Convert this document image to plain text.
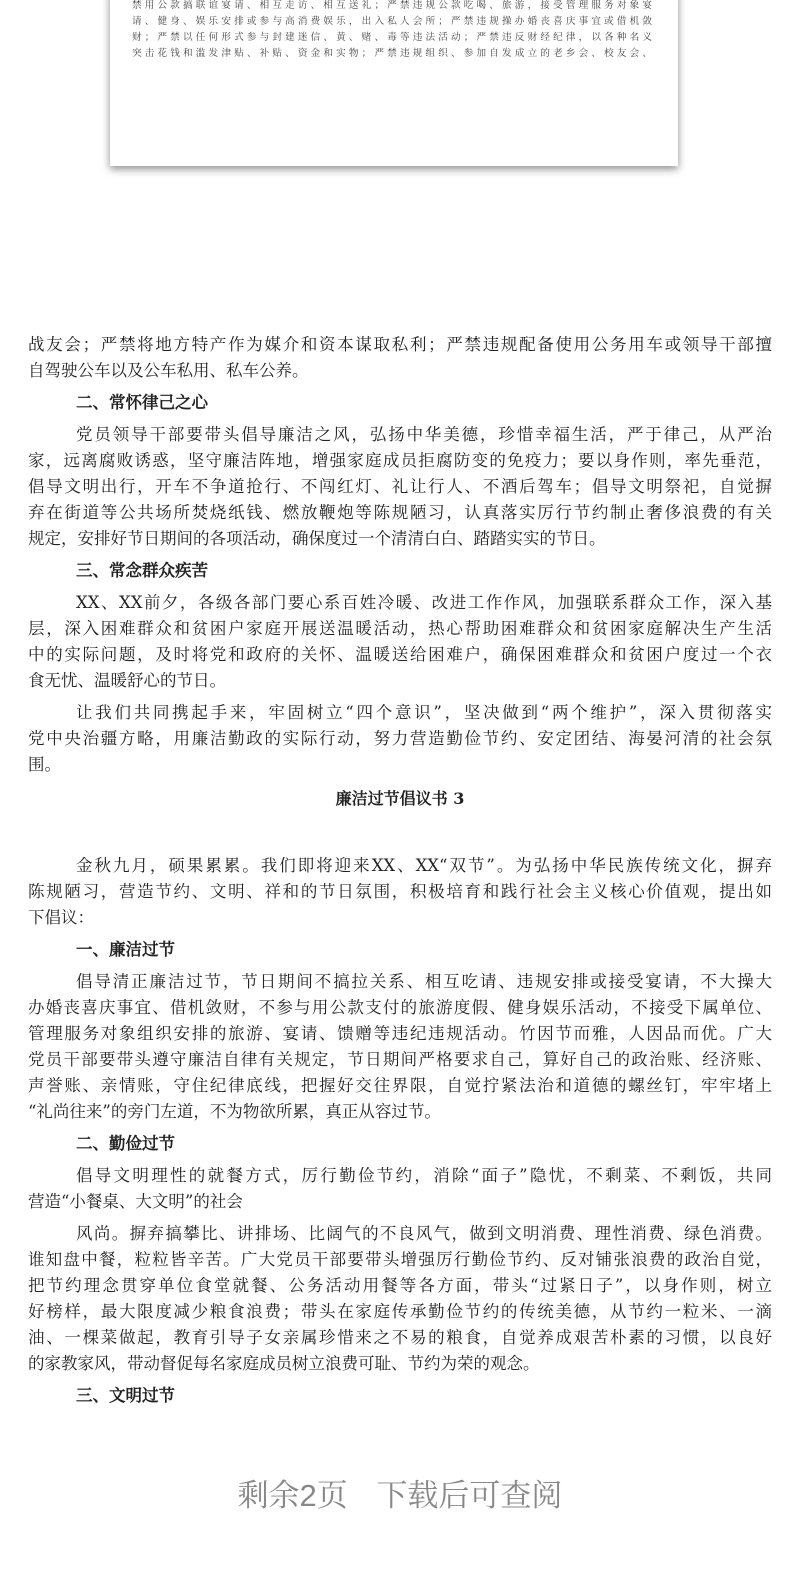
禁用公款搞联谊宴请、相互走访、相互送礼；严禁违规公款吃喝、旅游，接受管理服务对象宴
请、健身、娱乐安排或参与高消费娱乐，出入私人会所；严禁违规操办婚丧喜庆事宜或借机敛
财；严禁以任何形式参与封建迷信、黄、赌、毒等违法活动；严禁违反财经纪律，以各种名义
突击花钱和滥发津贴、补贴、资金和实物；严禁违规组织、参加自发成立的老乡会、校友会、
战友会；严禁将地方特产作为媒介和资本谋取私利；严禁违规配备使用公务用车或领导干部擅
自驾驶公车以及公车私用、私车公养。
二、常怀律己之心
党员领导干部要带头倡导廉洁之风，弘扬中华美德，珍惜幸福生活，严于律己，从严治
家，远离腐败诱惑，坚守廉洁阵地，增强家庭成员拒腐防变的免疫力；要以身作则，率先垂范，
倡导文明出行，开车不争道抢行、不闯红灯、礼让行人、不酒后驾车；倡导文明祭祀，自觉摒
弃在街道等公共场所焚烧纸钱、燃放鞭炮等陈规陋习，认真落实厉行节约制止奢侈浪费的有关
规定，安排好节日期间的各项活动，确保度过一个清清白白、踏踏实实的节日。
三、常念群众疾苦
XX、XX前夕，各级各部门要心系百姓冷暖、改进工作作风，加强联系群众工作，深入基
层，深入困难群众和贫困户家庭开展送温暖活动，热心帮助困难群众和贫困家庭解决生产生活
中的实际问题，及时将党和政府的关怀、温暖送给困难户，确保困难群众和贫困户度过一个衣
食无忧、温暖舒心的节日。
让我们共同携起手来，牢固树立“四个意识”，坚决做到“两个维护”，深入贯彻落实
党中央治疆方略，用廉洁勤政的实际行动，努力营造勤俭节约、安定团结、海晏河清的社会氛
围。
廉洁过节倡议书 3
金秋九月，硕果累累。我们即将迎来XX、XX“双节”。为弘扬中华民族传统文化，摒弃
陈规陋习，营造节约、文明、祥和的节日氛围，积极培育和践行社会主义核心价值观，提出如
下倡议：
一、廉洁过节
倡导清正廉洁过节，节日期间不搞拉关系、相互吃请、违规安排或接受宴请，不大操大
办婚丧喜庆事宜、借机敛财，不参与用公款支付的旅游度假、健身娱乐活动，不接受下属单位、
管理服务对象组织安排的旅游、宴请、馈赠等违纪违规活动。竹因节而雅，人因品而优。广大
党员干部要带头遵守廉洁自律有关规定，节日期间严格要求自己，算好自己的政治账、经济账、
声誉账、亲情账，守住纪律底线，把握好交往界限，自觉拧紧法治和道德的螺丝钉，牢牢堵上
“礼尚往来”的旁门左道，不为物欲所累，真正从容过节。
二、勤俭过节
倡导文明理性的就餐方式，厉行勤俭节约，消除“面子”隐忧，不剩菜、不剩饭，共同
营造“小餐桌、大文明”的社会
风尚。摒弃搞攀比、讲排场、比阔气的不良风气，做到文明消费、理性消费、绿色消费。
谁知盘中餐，粒粒皆辛苦。广大党员干部要带头增强厉行勤俭节约、反对铺张浪费的政治自觉，
把节约理念贯穿单位食堂就餐、公务活动用餐等各方面，带头“过紧日子”，以身作则，树立
好榜样，最大限度减少粮食浪费；带头在家庭传承勤俭节约的传统美德，从节约一粒米、一滴
油、一棵菜做起，教育引导子女亲属珍惜来之不易的粮食，自觉养成艰苦朴素的习惯，以良好
的家教家风，带动督促每名家庭成员树立浪费可耻、节约为荣的观念。
三、文明过节
剩余2页 下载后可查阅
